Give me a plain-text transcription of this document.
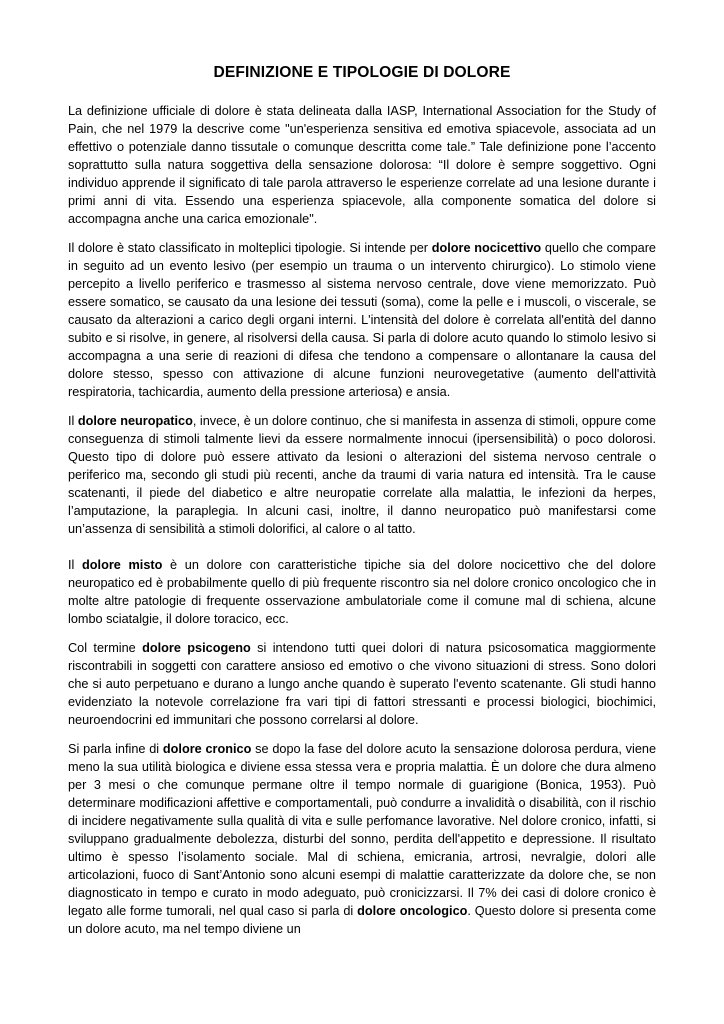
DEFINIZIONE E TIPOLOGIE DI DOLORE

La definizione ufficiale di dolore è stata delineata dalla IASP, International Association for the Study of Pain, che nel 1979 la descrive come "un'esperienza sensitiva ed emotiva spiacevole, associata ad un effettivo o potenziale danno tissutale o comunque descritta come tale.” Tale definizione pone l’accento soprattutto sulla natura soggettiva della sensazione dolorosa: “Il dolore è sempre soggettivo. Ogni individuo apprende il significato di tale parola attraverso le esperienze correlate ad una lesione durante i primi anni di vita. Essendo una esperienza spiacevole, alla componente somatica del dolore si accompagna anche una carica emozionale".

Il dolore è stato classificato in molteplici tipologie. Si intende per dolore nocicettivo quello che compare in seguito ad un evento lesivo (per esempio un trauma o un intervento chirurgico). Lo stimolo viene percepito a livello periferico e trasmesso al sistema nervoso centrale, dove viene memorizzato. Può essere somatico, se causato da una lesione dei tessuti (soma), come la pelle e i muscoli, o viscerale, se causato da alterazioni a carico degli organi interni. L'intensità del dolore è correlata all'entità del danno subito e si risolve, in genere, al risolversi della causa. Si parla di dolore acuto quando lo stimolo lesivo si accompagna a una serie di reazioni di difesa che tendono a compensare o allontanare la causa del dolore stesso, spesso con attivazione di alcune funzioni neurovegetative (aumento dell'attività respiratoria, tachicardia, aumento della pressione arteriosa) e ansia.

Il dolore neuropatico, invece, è un dolore continuo, che si manifesta in assenza di stimoli, oppure come conseguenza di stimoli talmente lievi da essere normalmente innocui (ipersensibilità) o poco dolorosi. Questo tipo di dolore può essere attivato da lesioni o alterazioni del sistema nervoso centrale o periferico ma, secondo gli studi più recenti, anche da traumi di varia natura ed intensità. Tra le cause scatenanti, il piede del diabetico e altre neuropatie correlate alla malattia, le infezioni da herpes, l’amputazione, la paraplegia. In alcuni casi, inoltre, il danno neuropatico può manifestarsi come un’assenza di sensibilità a stimoli dolorifici, al calore o al tatto.

Il dolore misto è un dolore con caratteristiche tipiche sia del dolore nocicettivo che del dolore neuropatico ed è probabilmente quello di più frequente riscontro sia nel dolore cronico oncologico che in molte altre patologie di frequente osservazione ambulatoriale come il comune mal di schiena, alcune lombo sciatalgie, il dolore toracico, ecc.

Col termine dolore psicogeno si intendono tutti quei dolori di natura psicosomatica maggiormente riscontrabili in soggetti con carattere ansioso ed emotivo o che vivono situazioni di stress. Sono dolori che si auto perpetuano e durano a lungo anche quando è superato l'evento scatenante. Gli studi hanno evidenziato la notevole correlazione fra vari tipi di fattori stressanti e processi biologici, biochimici, neuroendocrini ed immunitari che possono correlarsi al dolore.

Si parla infine di dolore cronico se dopo la fase del dolore acuto la sensazione dolorosa perdura, viene meno la sua utilità biologica e diviene essa stessa vera e propria malattia. È un dolore che dura almeno per 3 mesi o che comunque permane oltre il tempo normale di guarigione (Bonica, 1953). Può determinare modificazioni affettive e comportamentali, può condurre a invalidità o disabilità, con il rischio di incidere negativamente sulla qualità di vita e sulle perfomance lavorative. Nel dolore cronico, infatti, si sviluppano gradualmente debolezza, disturbi del sonno, perdita dell'appetito e depressione. Il risultato ultimo è spesso l’isolamento sociale. Mal di schiena, emicrania, artrosi, nevralgie, dolori alle articolazioni, fuoco di Sant’Antonio sono alcuni esempi di malattie caratterizzate da dolore che, se non diagnosticato in tempo e curato in modo adeguato, può cronicizzarsi. Il 7% dei casi di dolore cronico è legato alle forme tumorali, nel qual caso si parla di dolore oncologico. Questo dolore si presenta come un dolore acuto, ma nel tempo diviene un
